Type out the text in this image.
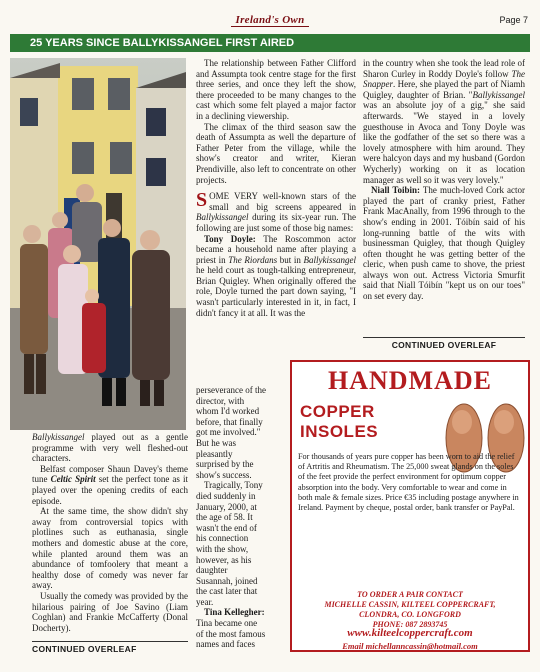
Ireland's Own	Page 7
25 YEARS SINCE BALLYKISSANGEL FIRST AIRED

Ballykissangel played out as a gentle programme with very well fleshed-out characters.

Belfast composer Shaun Davey's theme tune Celtic Spirit set the perfect tone as it played over the opening credits of each episode.

At the same time, the show didn't shy away from controversial topics with plotlines such as euthanasia, single mothers and domestic abuse at the core, while planted around them was an abundance of tomfoolery that meant a healthy dose of comedy was never far away.

Usually the comedy was provided by the hilarious pairing of Joe Savino (Liam Coghlan) and Frankie McCafferty (Donal Docherty).

CONTINUED OVERLEAF

The relationship between Father Clifford and Assumpta took centre stage for the first three series, and once they left the show, there proceeded to be many changes to the cast which some felt played a major factor in a declining viewership.

The climax of the third season saw the death of Assumpta as well the departure of Father Peter from the village, while the show's creator and writer, Kieran Prendiville, also left to concentrate on other projects.

SOME VERY well-known stars of the small and big screens appeared in Ballykissangel during its six-year run. The following are just some of those big names:

Tony Doyle: The Roscommon actor became a household name after playing a priest in The Riordans but in Ballykissangel he held court as tough-talking entrepreneur, Brian Quigley. When originally offered the role, Doyle turned the part down saying, "I wasn't particularly interested in it, in fact, I didn't fancy it at all. It was the

perseverance of the director, with whom I'd worked before, that finally got me involved." But he was pleasantly surprised by the show's success.

Tragically, Tony died suddenly in January, 2000, at the age of 58. It wasn't the end of his connection with the show, however, as his daughter Susannah, joined the cast later that year.

Tina Kellegher: Tina became one of the most famous names and faces

in the country when she took the lead role of Sharon Curley in Roddy Doyle's follow The Snapper. Here, she played the part of Niamh Quigley, daughter of Brian. "Ballykissangel was an absolute joy of a gig," she said afterwards. "We stayed in a lovely guesthouse in Avoca and Tony Doyle was like the godfather of the set so there was a lovely atmosphere with him around. They were halcyon days and my husband (Gordon Wycherly) working on it as location manager as well so it was very lovely."

Niall Toibin: The much-loved Cork actor played the part of cranky priest, Father Frank MacAnally, from 1996 through to the show's ending in 2001. Tóibín said of his long-running battle of the wits with businessman Quigley, that though Quigley often thought he was getting better of the cleric, when push came to shove, the priest always won out. Actress Victoria Smurfit said that Niall Tóibín "kept us on our toes" on set every day.

CONTINUED OVERLEAF
HANDMADE
COPPER
INSOLES
For thousands of years pure copper has been worn to aid the relief of Artritis and Rheumatism. The 25,000 sweat glands on the soles of the feet provide the perfect environment for optimum copper absorption into the body. Very comfortable to wear and come in both male & female sizes. Price €35 including postage anywhere in Ireland. Payment by cheque, postal order, bank transfer or PayPal.
TO ORDER A PAIR CONTACT
MICHELLE CASSIN, KILTEEL COPPERCRAFT,
CLONDRA, CO. LONGFORD
PHONE: 087 2893745
www.kilteelcoppercraft.com
Email michellanncassin@hotmail.com
